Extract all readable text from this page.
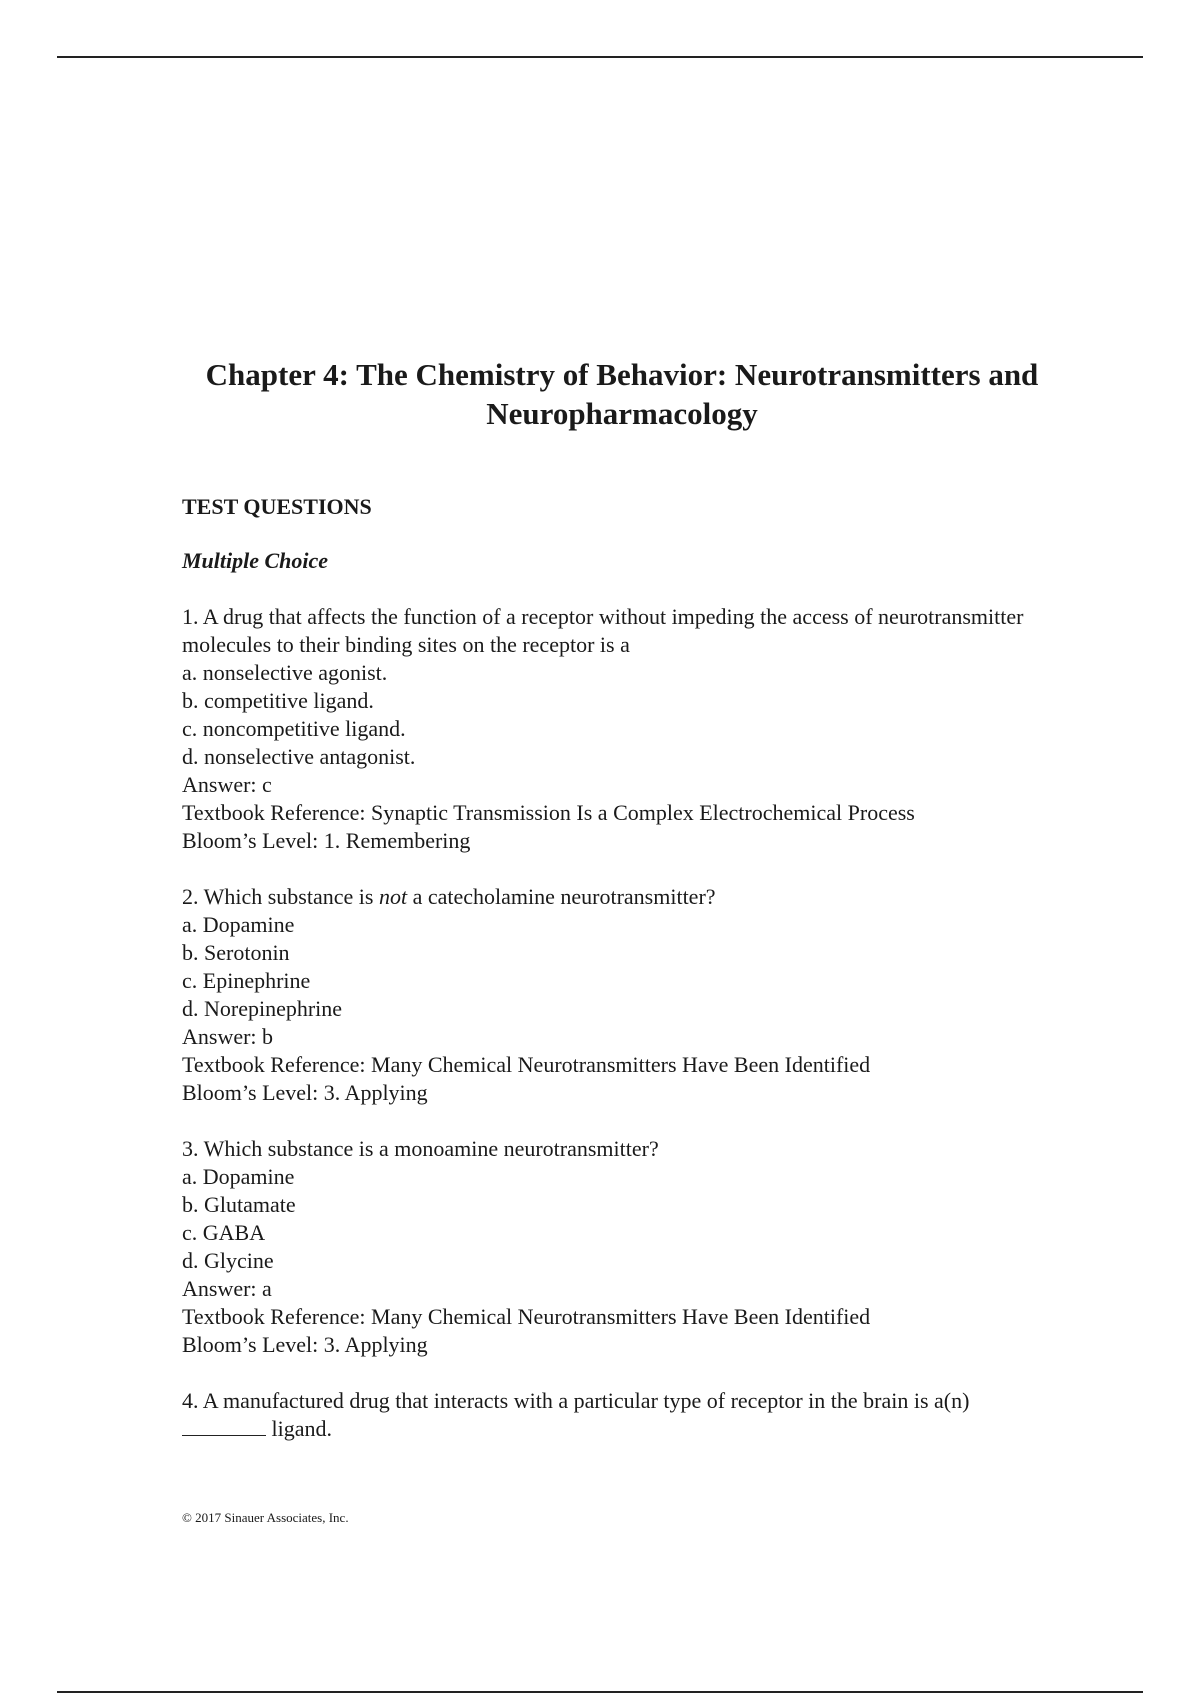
Chapter 4: The Chemistry of Behavior: Neurotransmitters and Neuropharmacology
TEST QUESTIONS
Multiple Choice
1. A drug that affects the function of a receptor without impeding the access of neurotransmitter molecules to their binding sites on the receptor is a
a. nonselective agonist.
b. competitive ligand.
c. noncompetitive ligand.
d. nonselective antagonist.
Answer: c
Textbook Reference: Synaptic Transmission Is a Complex Electrochemical Process
Bloom’s Level: 1. Remembering
2. Which substance is not a catecholamine neurotransmitter?
a. Dopamine
b. Serotonin
c. Epinephrine
d. Norepinephrine
Answer: b
Textbook Reference: Many Chemical Neurotransmitters Have Been Identified
Bloom’s Level: 3. Applying
3. Which substance is a monoamine neurotransmitter?
a. Dopamine
b. Glutamate
c. GABA
d. Glycine
Answer: a
Textbook Reference: Many Chemical Neurotransmitters Have Been Identified
Bloom’s Level: 3. Applying
4. A manufactured drug that interacts with a particular type of receptor in the brain is a(n)
ligand.
© 2017 Sinauer Associates, Inc.
